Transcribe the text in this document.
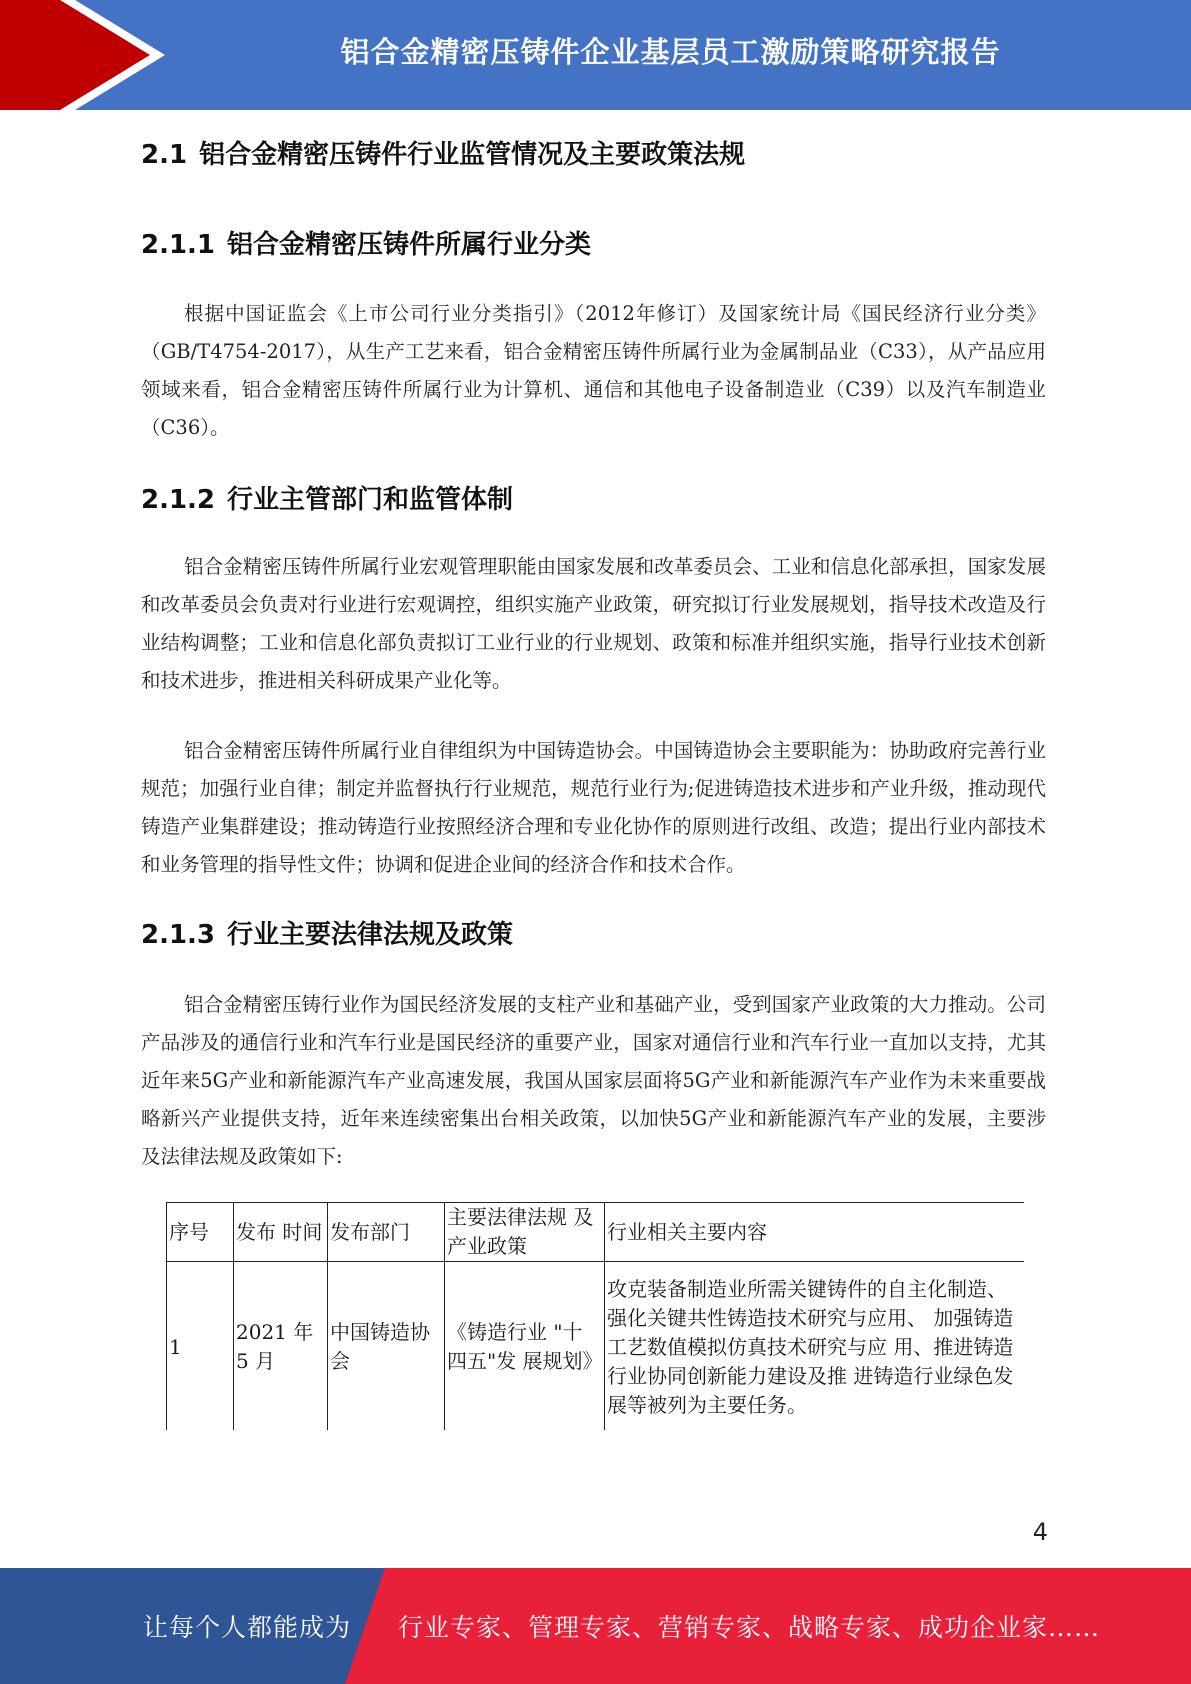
铝合金精密压铸件企业基层员工激励策略研究报告
2.1 铝合金精密压铸件行业监管情况及主要政策法规
2.1.1 铝合金精密压铸件所属行业分类

根据中国证监会《上市公司行业分类指引》（2012年修订）及国家统计局《国民经济行业分类》（GB/T4754-2017），从生产工艺来看，铝合金精密压铸件所属行业为金属制品业（C33），从产品应用领域来看，铝合金精密压铸件所属行业为计算机、通信和其他电子设备制造业（C39）以及汽车制造业（C36）。

2.1.2 行业主管部门和监管体制

铝合金精密压铸件所属行业宏观管理职能由国家发展和改革委员会、工业和信息化部承担，国家发展和改革委员会负责对行业进行宏观调控，组织实施产业政策，研究拟订行业发展规划，指导技术改造及行业结构调整；工业和信息化部负责拟订工业行业的行业规划、政策和标准并组织实施，指导行业技术创新和技术进步，推进相关科研成果产业化等。

铝合金精密压铸件所属行业自律组织为中国铸造协会。中国铸造协会主要职能为：协助政府完善行业规范；加强行业自律；制定并监督执行行业规范，规范行业行为;促进铸造技术进步和产业升级，推动现代铸造产业集群建设；推动铸造行业按照经济合理和专业化协作的原则进行改组、改造；提出行业内部技术和业务管理的指导性文件；协调和促进企业间的经济合作和技术合作。

2.1.3 行业主要法律法规及政策

铝合金精密压铸行业作为国民经济发展的支柱产业和基础产业，受到国家产业政策的大力推动。公司产品涉及的通信行业和汽车行业是国民经济的重要产业，国家对通信行业和汽车行业一直加以支持，尤其近年来5G产业和新能源汽车产业高速发展，我国从国家层面将5G产业和新能源汽车产业作为未来重要战略新兴产业提供支持，近年来连续密集出台相关政策，以加快5G产业和新能源汽车产业的发展，主要涉及法律法规及政策如下:

序号	发布 时间	发布部门	主要法律法规 及产业政策	行业相关主要内容
1	2021 年 5 月	中国铸造协会	《铸造行业 "十四五"发 展规划》	攻克装备制造业所需关键铸件的自主化制造、强化关键共性铸造技术研究与应用、 加强铸造工艺数值模拟仿真技术研究与应 用、推进铸造行业协同创新能力建设及推 进铸造行业绿色发展等被列为主要任务。
4
让每个人都能成为 行业专家、管理专家、营销专家、战略专家、成功企业家……
